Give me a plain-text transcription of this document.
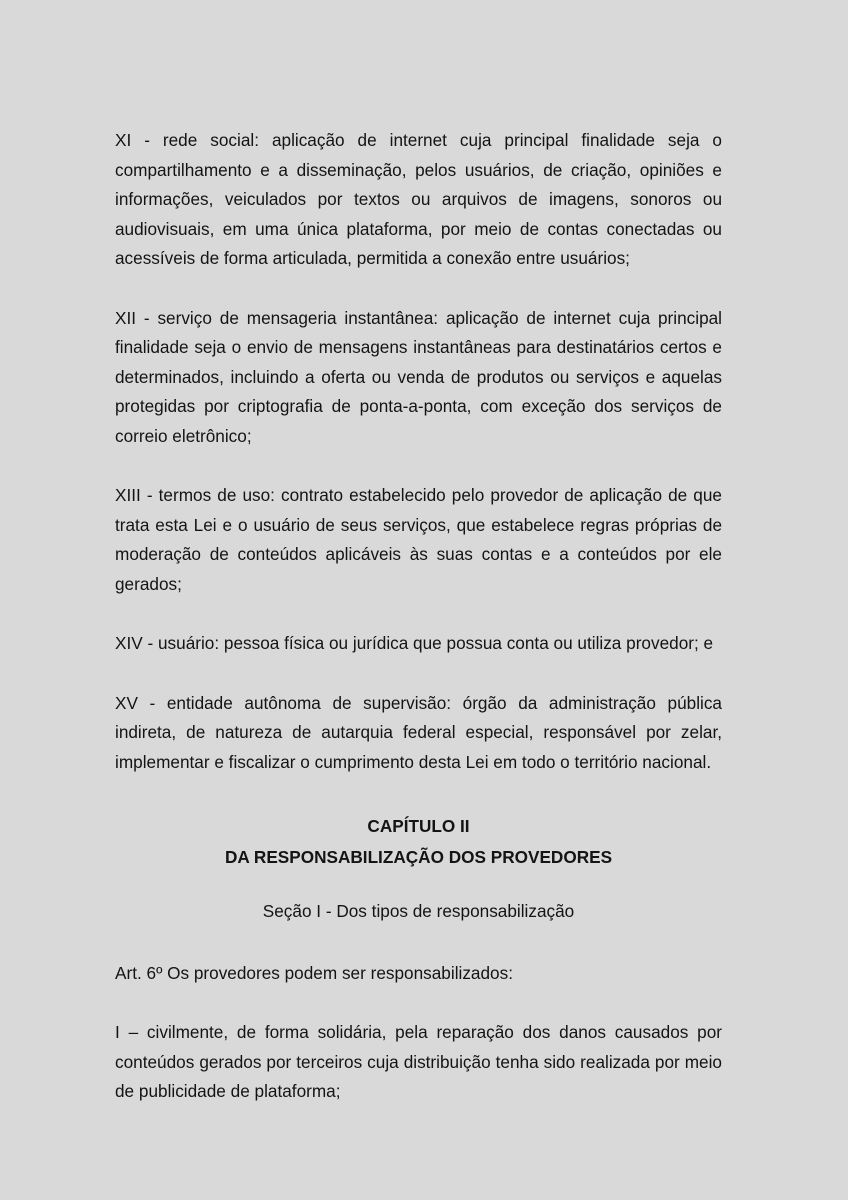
XI - rede social: aplicação de internet cuja principal finalidade seja o
compartilhamento e a disseminação, pelos usuários, de criação, opiniões e
informações, veiculados por textos ou arquivos de imagens, sonoros ou
audiovisuais, em uma única plataforma, por meio de contas conectadas ou
acessíveis de forma articulada, permitida a conexão entre usuários;
XII - serviço de mensageria instantânea: aplicação de internet cuja principal
finalidade seja o envio de mensagens instantâneas para destinatários certos e
determinados, incluindo a oferta ou venda de produtos ou serviços e aquelas
protegidas por criptografia de ponta-a-ponta, com exceção dos serviços de
correio eletrônico;
XIII - termos de uso: contrato estabelecido pelo provedor de aplicação de que
trata esta Lei e o usuário de seus serviços, que estabelece regras próprias de
moderação de conteúdos aplicáveis às suas contas e a conteúdos por ele
gerados;
XIV - usuário: pessoa física ou jurídica que possua conta ou utiliza provedor; e
XV - entidade autônoma de supervisão: órgão da administração pública
indireta, de natureza de autarquia federal especial, responsável por zelar,
implementar e fiscalizar o cumprimento desta Lei em todo o território nacional.

CAPÍTULO II

DA RESPONSABILIZAÇÃO DOS PROVEDORES

Seção I - Dos tipos de responsabilização

Art. 6º Os provedores podem ser responsabilizados:
I – civilmente, de forma solidária, pela reparação dos danos causados por
conteúdos gerados por terceiros cuja distribuição tenha sido realizada por meio
de publicidade de plataforma;
